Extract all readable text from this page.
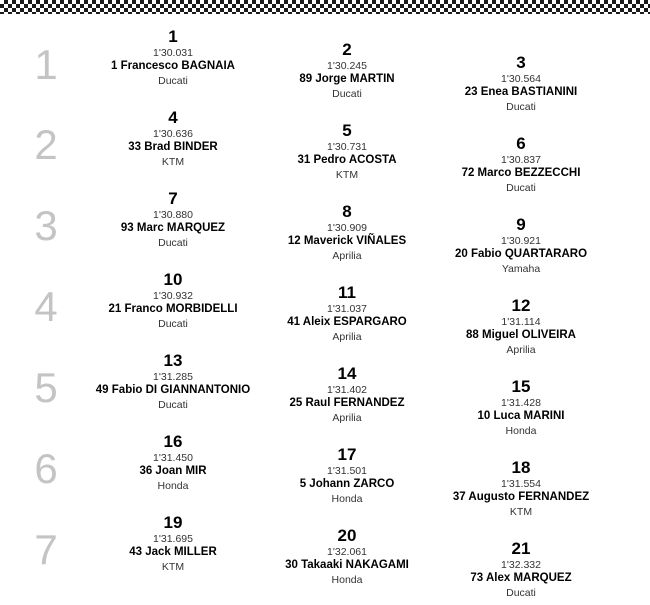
1
2
3
4
5
6
7
1
1'30.031
1 Francesco BAGNAIA
Ducati
2
1'30.245
89 Jorge MARTIN
Ducati
3
1'30.564
23 Enea BASTIANINI
Ducati
4
1'30.636
33 Brad BINDER
KTM
5
1'30.731
31 Pedro ACOSTA
KTM
6
1'30.837
72 Marco BEZZECCHI
Ducati
7
1'30.880
93 Marc MARQUEZ
Ducati
8
1'30.909
12 Maverick VIÑALES
Aprilia
9
1'30.921
20 Fabio QUARTARARO
Yamaha
10
1'30.932
21 Franco MORBIDELLI
Ducati
11
1'31.037
41 Aleix ESPARGARO
Aprilia
12
1'31.114
88 Miguel OLIVEIRA
Aprilia
13
1'31.285
49 Fabio DI GIANNANTONIO
Ducati
14
1'31.402
25 Raul FERNANDEZ
Aprilia
15
1'31.428
10 Luca MARINI
Honda
16
1'31.450
36 Joan MIR
Honda
17
1'31.501
5 Johann ZARCO
Honda
18
1'31.554
37 Augusto FERNANDEZ
KTM
19
1'31.695
43 Jack MILLER
KTM
20
1'32.061
30 Takaaki NAKAGAMI
Honda
21
1'32.332
73 Alex MARQUEZ
Ducati
